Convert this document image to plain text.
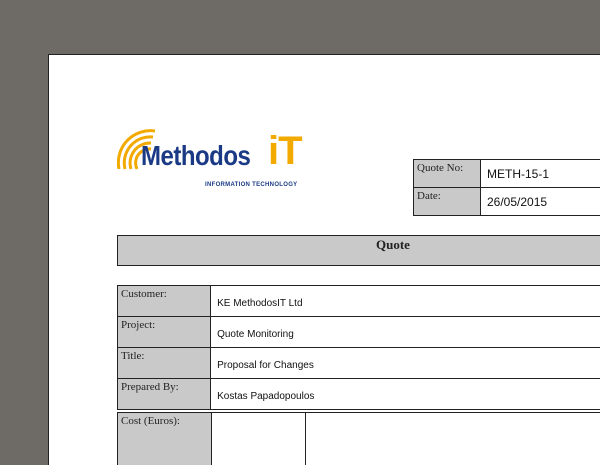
Methodos iT
INFORMATION TECHNOLOGY
Quote No:	METH-15-1
Date:	26/05/2015
Quote
Customer:	KE MethodosIT Ltd
Project:	Quote Monitoring
Title:	Proposal for Changes
Prepared By:	Kostas Papadopoulos
Cost (Euros):		
